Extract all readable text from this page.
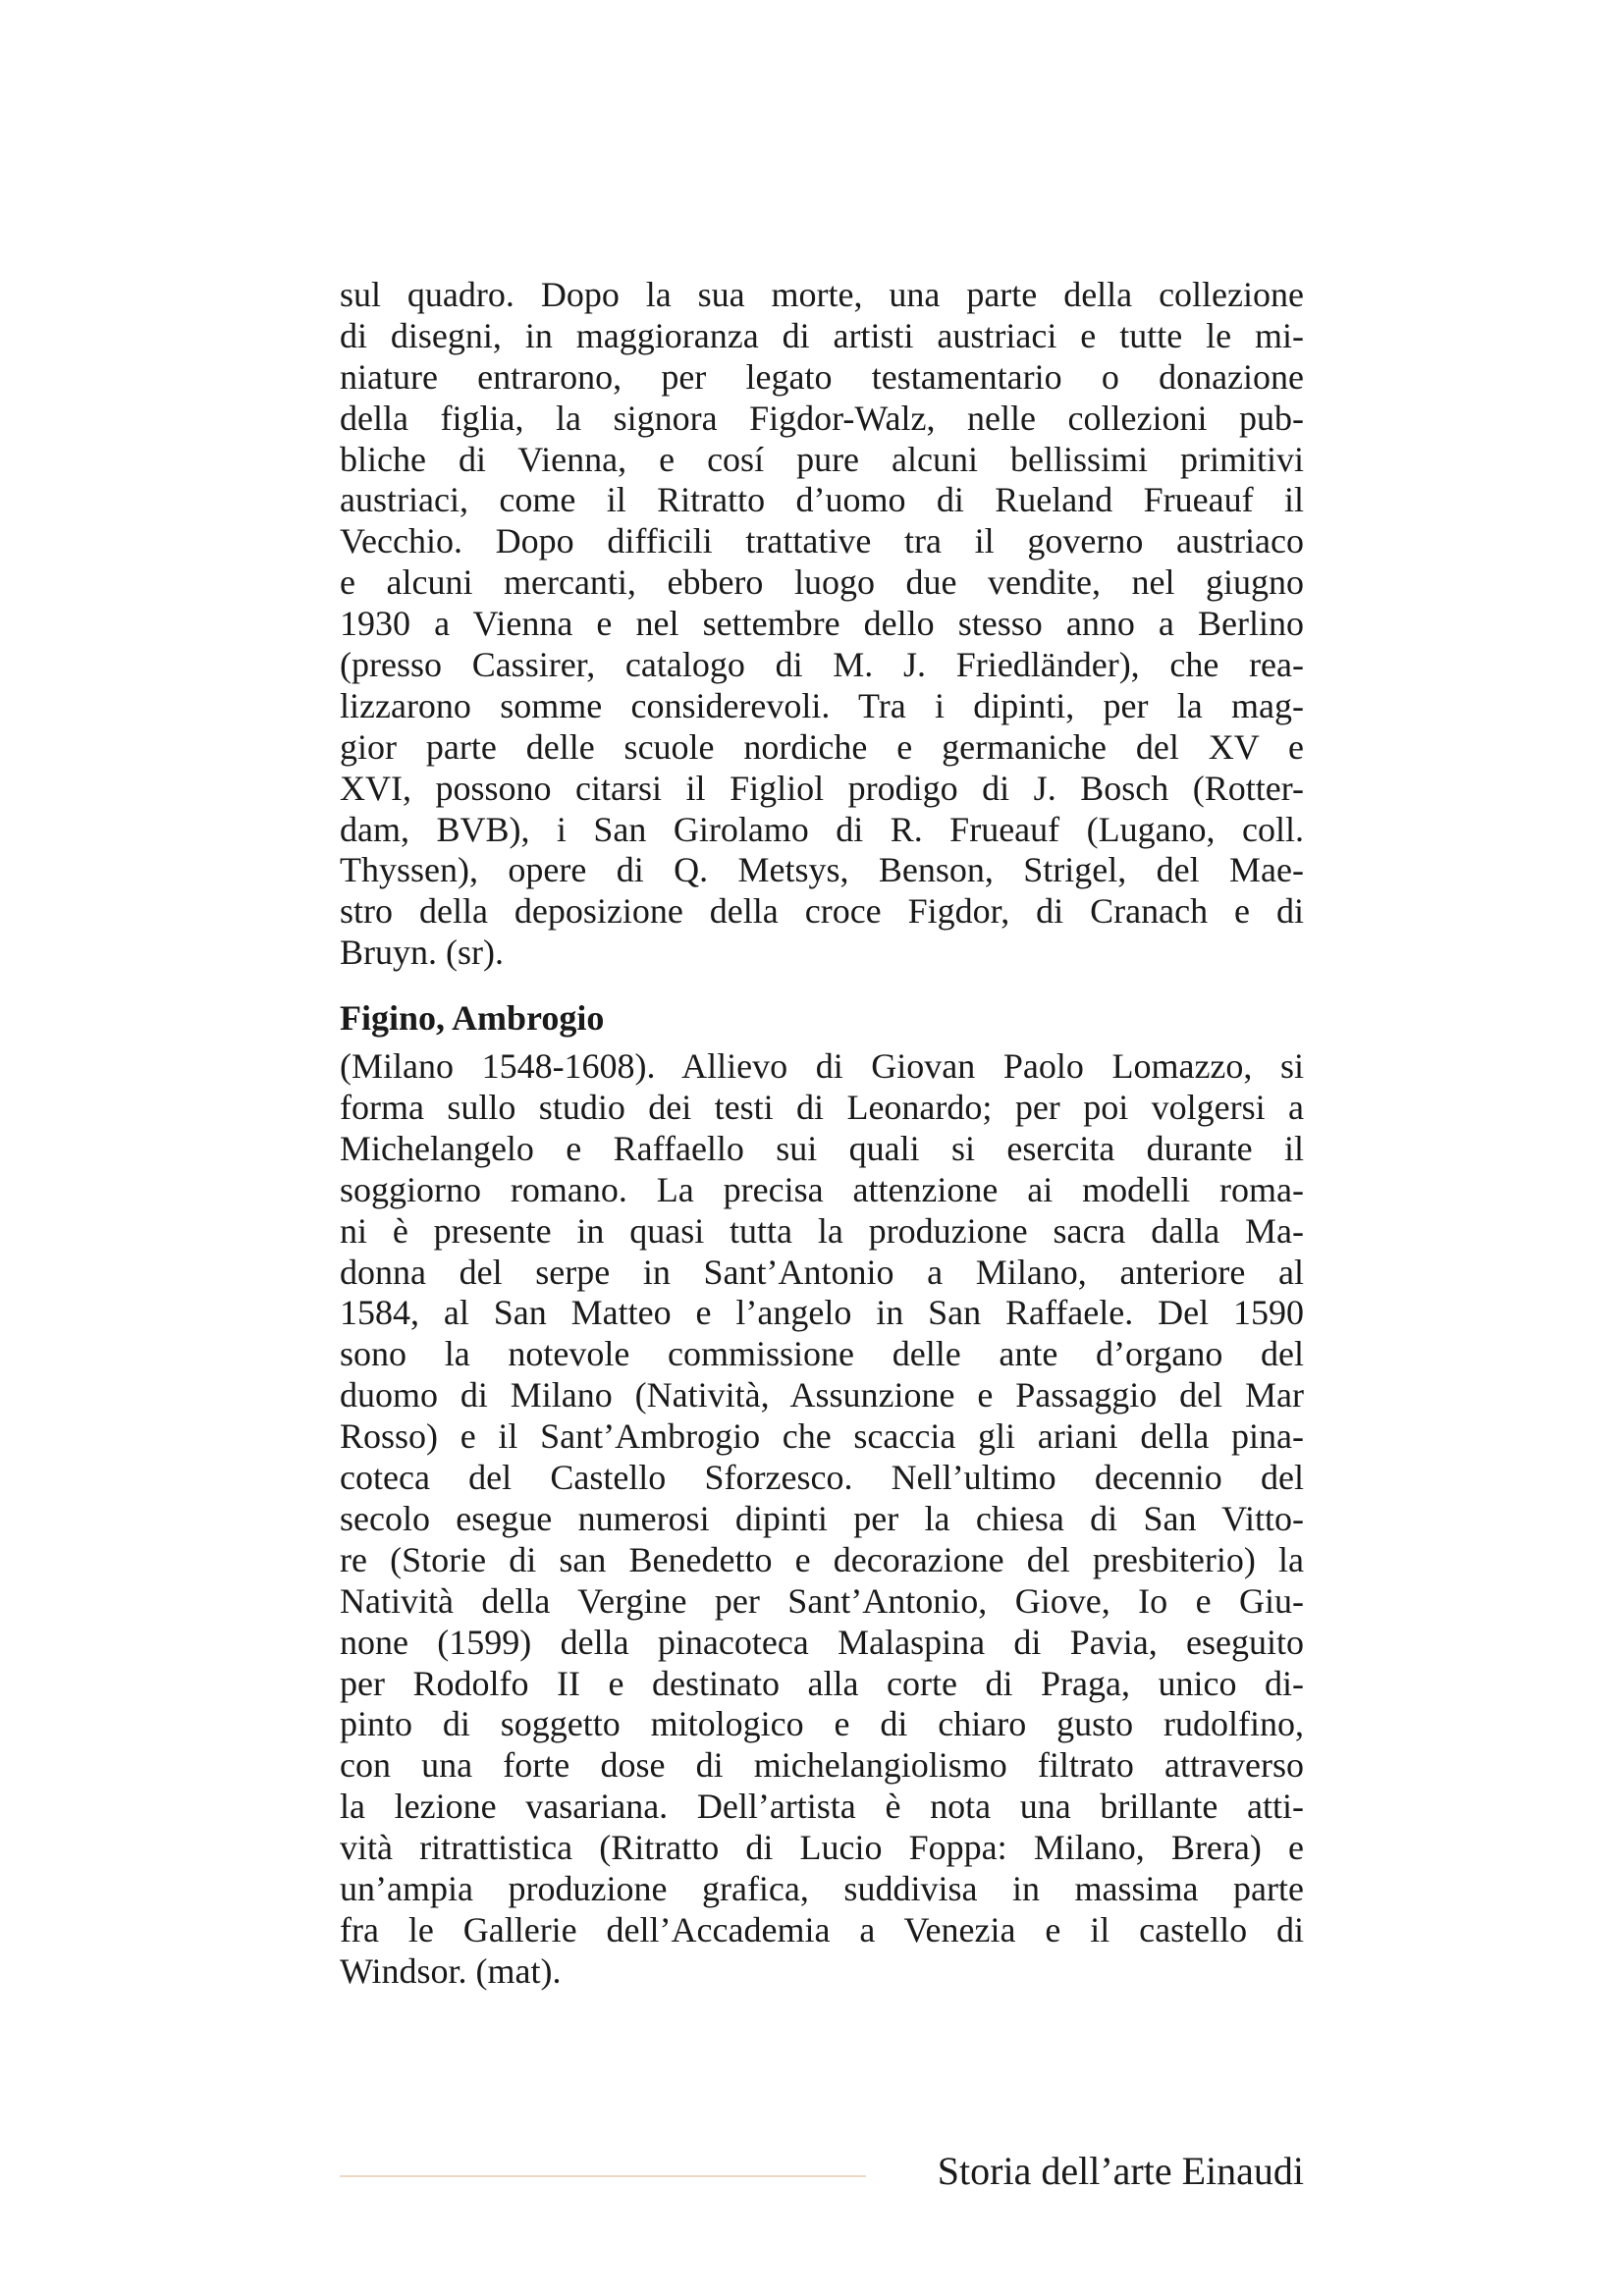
sul quadro. Dopo la sua morte, una parte della collezione
di disegni, in maggioranza di artisti austriaci e tutte le mi-
niature entrarono, per legato testamentario o donazione
della figlia, la signora Figdor-Walz, nelle collezioni pub-
bliche di Vienna, e cosí pure alcuni bellissimi primitivi
austriaci, come il Ritratto d’uomo di Rueland Frueauf il
Vecchio. Dopo difficili trattative tra il governo austriaco
e alcuni mercanti, ebbero luogo due vendite, nel giugno
1930 a Vienna e nel settembre dello stesso anno a Berlino
(presso Cassirer, catalogo di M. J. Friedländer), che rea-
lizzarono somme considerevoli. Tra i dipinti, per la mag-
gior parte delle scuole nordiche e germaniche del XV e
XVI, possono citarsi il Figliol prodigo di J. Bosch (Rotter-
dam, BVB), i San Girolamo di R. Frueauf (Lugano, coll.
Thyssen), opere di Q. Metsys, Benson, Strigel, del Mae-
stro della deposizione della croce Figdor, di Cranach e di
Bruyn. (sr).
Figino, Ambrogio
(Milano 1548-1608). Allievo di Giovan Paolo Lomazzo, si
forma sullo studio dei testi di Leonardo; per poi volgersi a
Michelangelo e Raffaello sui quali si esercita durante il
soggiorno romano. La precisa attenzione ai modelli roma-
ni è presente in quasi tutta la produzione sacra dalla Ma-
donna del serpe in Sant’Antonio a Milano, anteriore al
1584, al San Matteo e l’angelo in San Raffaele. Del 1590
sono la notevole commissione delle ante d’organo del
duomo di Milano (Natività, Assunzione e Passaggio del Mar
Rosso) e il Sant’Ambrogio che scaccia gli ariani della pina-
coteca del Castello Sforzesco. Nell’ultimo decennio del
secolo esegue numerosi dipinti per la chiesa di San Vitto-
re (Storie di san Benedetto e decorazione del presbiterio) la
Natività della Vergine per Sant’Antonio, Giove, Io e Giu-
none (1599) della pinacoteca Malaspina di Pavia, eseguito
per Rodolfo II e destinato alla corte di Praga, unico di-
pinto di soggetto mitologico e di chiaro gusto rudolfino,
con una forte dose di michelangiolismo filtrato attraverso
la lezione vasariana. Dell’artista è nota una brillante atti-
vità ritrattistica (Ritratto di Lucio Foppa: Milano, Brera) e
un’ampia produzione grafica, suddivisa in massima parte
fra le Gallerie dell’Accademia a Venezia e il castello di
Windsor. (mat).
Storia dell’arte Einaudi
